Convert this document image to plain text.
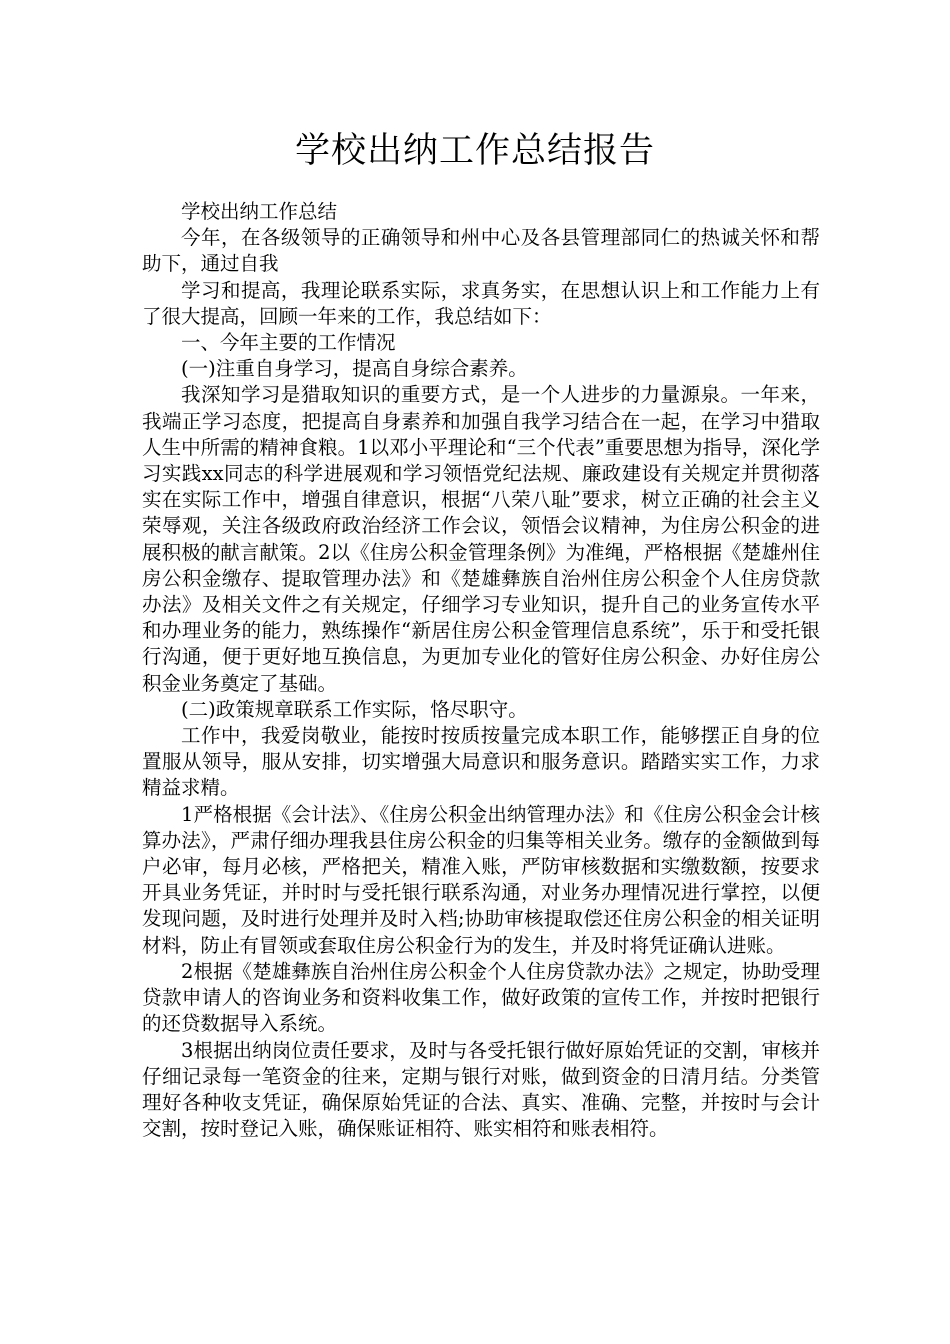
学校出纳工作总结报告

学校出纳工作总结

今年，在各级领导的正确领导和州中心及各县管理部同仁的热诚关怀和帮助下，通过自我

学习和提高，我理论联系实际，求真务实，在思想认识上和工作能力上有了很大提高，回顾一年来的工作，我总结如下：

一、今年主要的工作情况

(一)注重自身学习，提高自身综合素养。

我深知学习是猎取知识的重要方式，是一个人进步的力量源泉。一年来，我端正学习态度，把提高自身素养和加强自我学习结合在一起，在学习中猎取人生中所需的精神食粮。1以邓小平理论和“三个代表”重要思想为指导，深化学习实践xx同志的科学进展观和学习领悟党纪法规、廉政建设有关规定并贯彻落实在实际工作中，增强自律意识，根据“八荣八耻”要求，树立正确的社会主义荣辱观，关注各级政府政治经济工作会议，领悟会议精神，为住房公积金的进展积极的献言献策。2以《住房公积金管理条例》为准绳，严格根据《楚雄州住房公积金缴存、提取管理办法》和《楚雄彝族自治州住房公积金个人住房贷款办法》及相关文件之有关规定，仔细学习专业知识，提升自己的业务宣传水平和办理业务的能力，熟练操作“新居住房公积金管理信息系统”，乐于和受托银行沟通，便于更好地互换信息，为更加专业化的管好住房公积金、办好住房公积金业务奠定了基础。

(二)政策规章联系工作实际，恪尽职守。

工作中，我爱岗敬业，能按时按质按量完成本职工作，能够摆正自身的位置服从领导，服从安排，切实增强大局意识和服务意识。踏踏实实工作，力求精益求精。

1严格根据《会计法》、《住房公积金出纳管理办法》和《住房公积金会计核算办法》，严肃仔细办理我县住房公积金的归集等相关业务。缴存的金额做到每户必审，每月必核，严格把关，精准入账，严防审核数据和实缴数额，按要求开具业务凭证，并时时与受托银行联系沟通，对业务办理情况进行掌控，以便发现问题，及时进行处理并及时入档;协助审核提取偿还住房公积金的相关证明材料，防止有冒领或套取住房公积金行为的发生，并及时将凭证确认进账。

2根据《楚雄彝族自治州住房公积金个人住房贷款办法》之规定，协助受理贷款申请人的咨询业务和资料收集工作，做好政策的宣传工作，并按时把银行的还贷数据导入系统。

3根据出纳岗位责任要求，及时与各受托银行做好原始凭证的交割，审核并仔细记录每一笔资金的往来，定期与银行对账，做到资金的日清月结。分类管理好各种收支凭证，确保原始凭证的合法、真实、准确、完整，并按时与会计交割，按时登记入账，确保账证相符、账实相符和账表相符。
